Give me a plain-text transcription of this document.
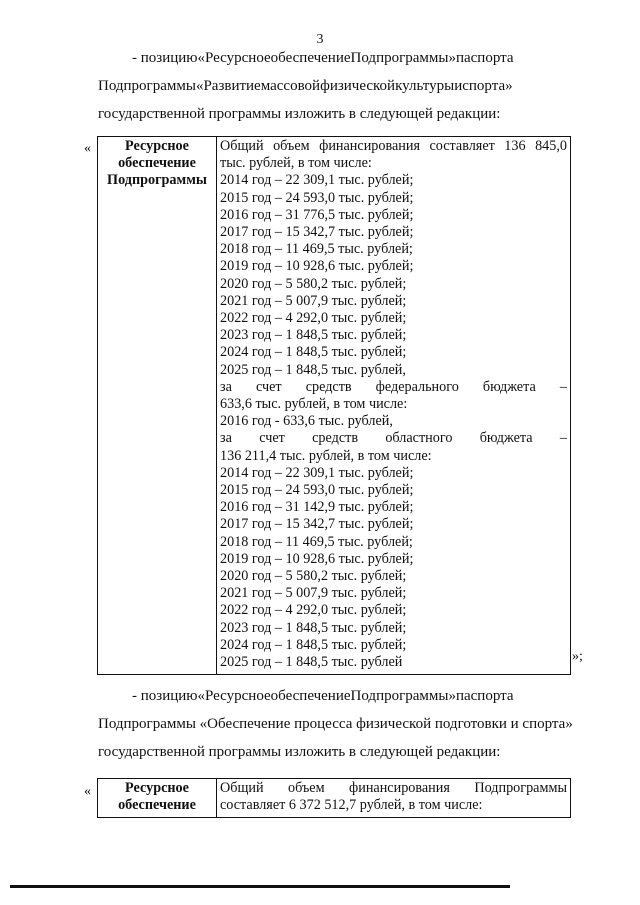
3
- позицию«РесурсноеобеспечениеПодпрограммы»паспорта
Подпрограммы«Развитиемассовойфизическойкультурыиспорта»
государственной программы изложить в следующей редакции:
«	Ресурсное
обеспечение
Подпрограммы

Общий объем финансирования составляет 136 845,0
тыс. рублей, в том числе:
2014 год – 22 309,1 тыс. рублей;
2015 год – 24 593,0 тыс. рублей;
2016 год – 31 776,5 тыс. рублей;
2017 год – 15 342,7 тыс. рублей;
2018 год – 11 469,5 тыс. рублей;
2019 год – 10 928,6 тыс. рублей;
2020 год – 5 580,2 тыс. рублей;
2021 год – 5 007,9 тыс. рублей;
2022 год – 4 292,0 тыс. рублей;
2023 год – 1 848,5 тыс. рублей;
2024 год – 1 848,5 тыс. рублей;
2025 год – 1 848,5 тыс. рублей,
за счет средств федерального бюджета –
633,6 тыс. рублей, в том числе:
2016 год - 633,6 тыс. рублей,
за счет средств областного бюджета –
136 211,4 тыс. рублей, в том числе:
2014 год – 22 309,1 тыс. рублей;
2015 год – 24 593,0 тыс. рублей;
2016 год – 31 142,9 тыс. рублей;
2017 год – 15 342,7 тыс. рублей;
2018 год – 11 469,5 тыс. рублей;
2019 год – 10 928,6 тыс. рублей;
2020 год – 5 580,2 тыс. рублей;
2021 год – 5 007,9 тыс. рублей;
2022 год – 4 292,0 тыс. рублей;
2023 год – 1 848,5 тыс. рублей;
2024 год – 1 848,5 тыс. рублей;
2025 год – 1 848,5 тыс. рублей	»;
- позицию«РесурсноеобеспечениеПодпрограммы»паспорта
Подпрограммы «Обеспечение процесса физической подготовки и спорта»
государственной программы изложить в следующей редакции:
«	Ресурсное
обеспечение

Общий объем финансирования Подпрограммы
составляет 6 372 512,7 рублей, в том числе:
